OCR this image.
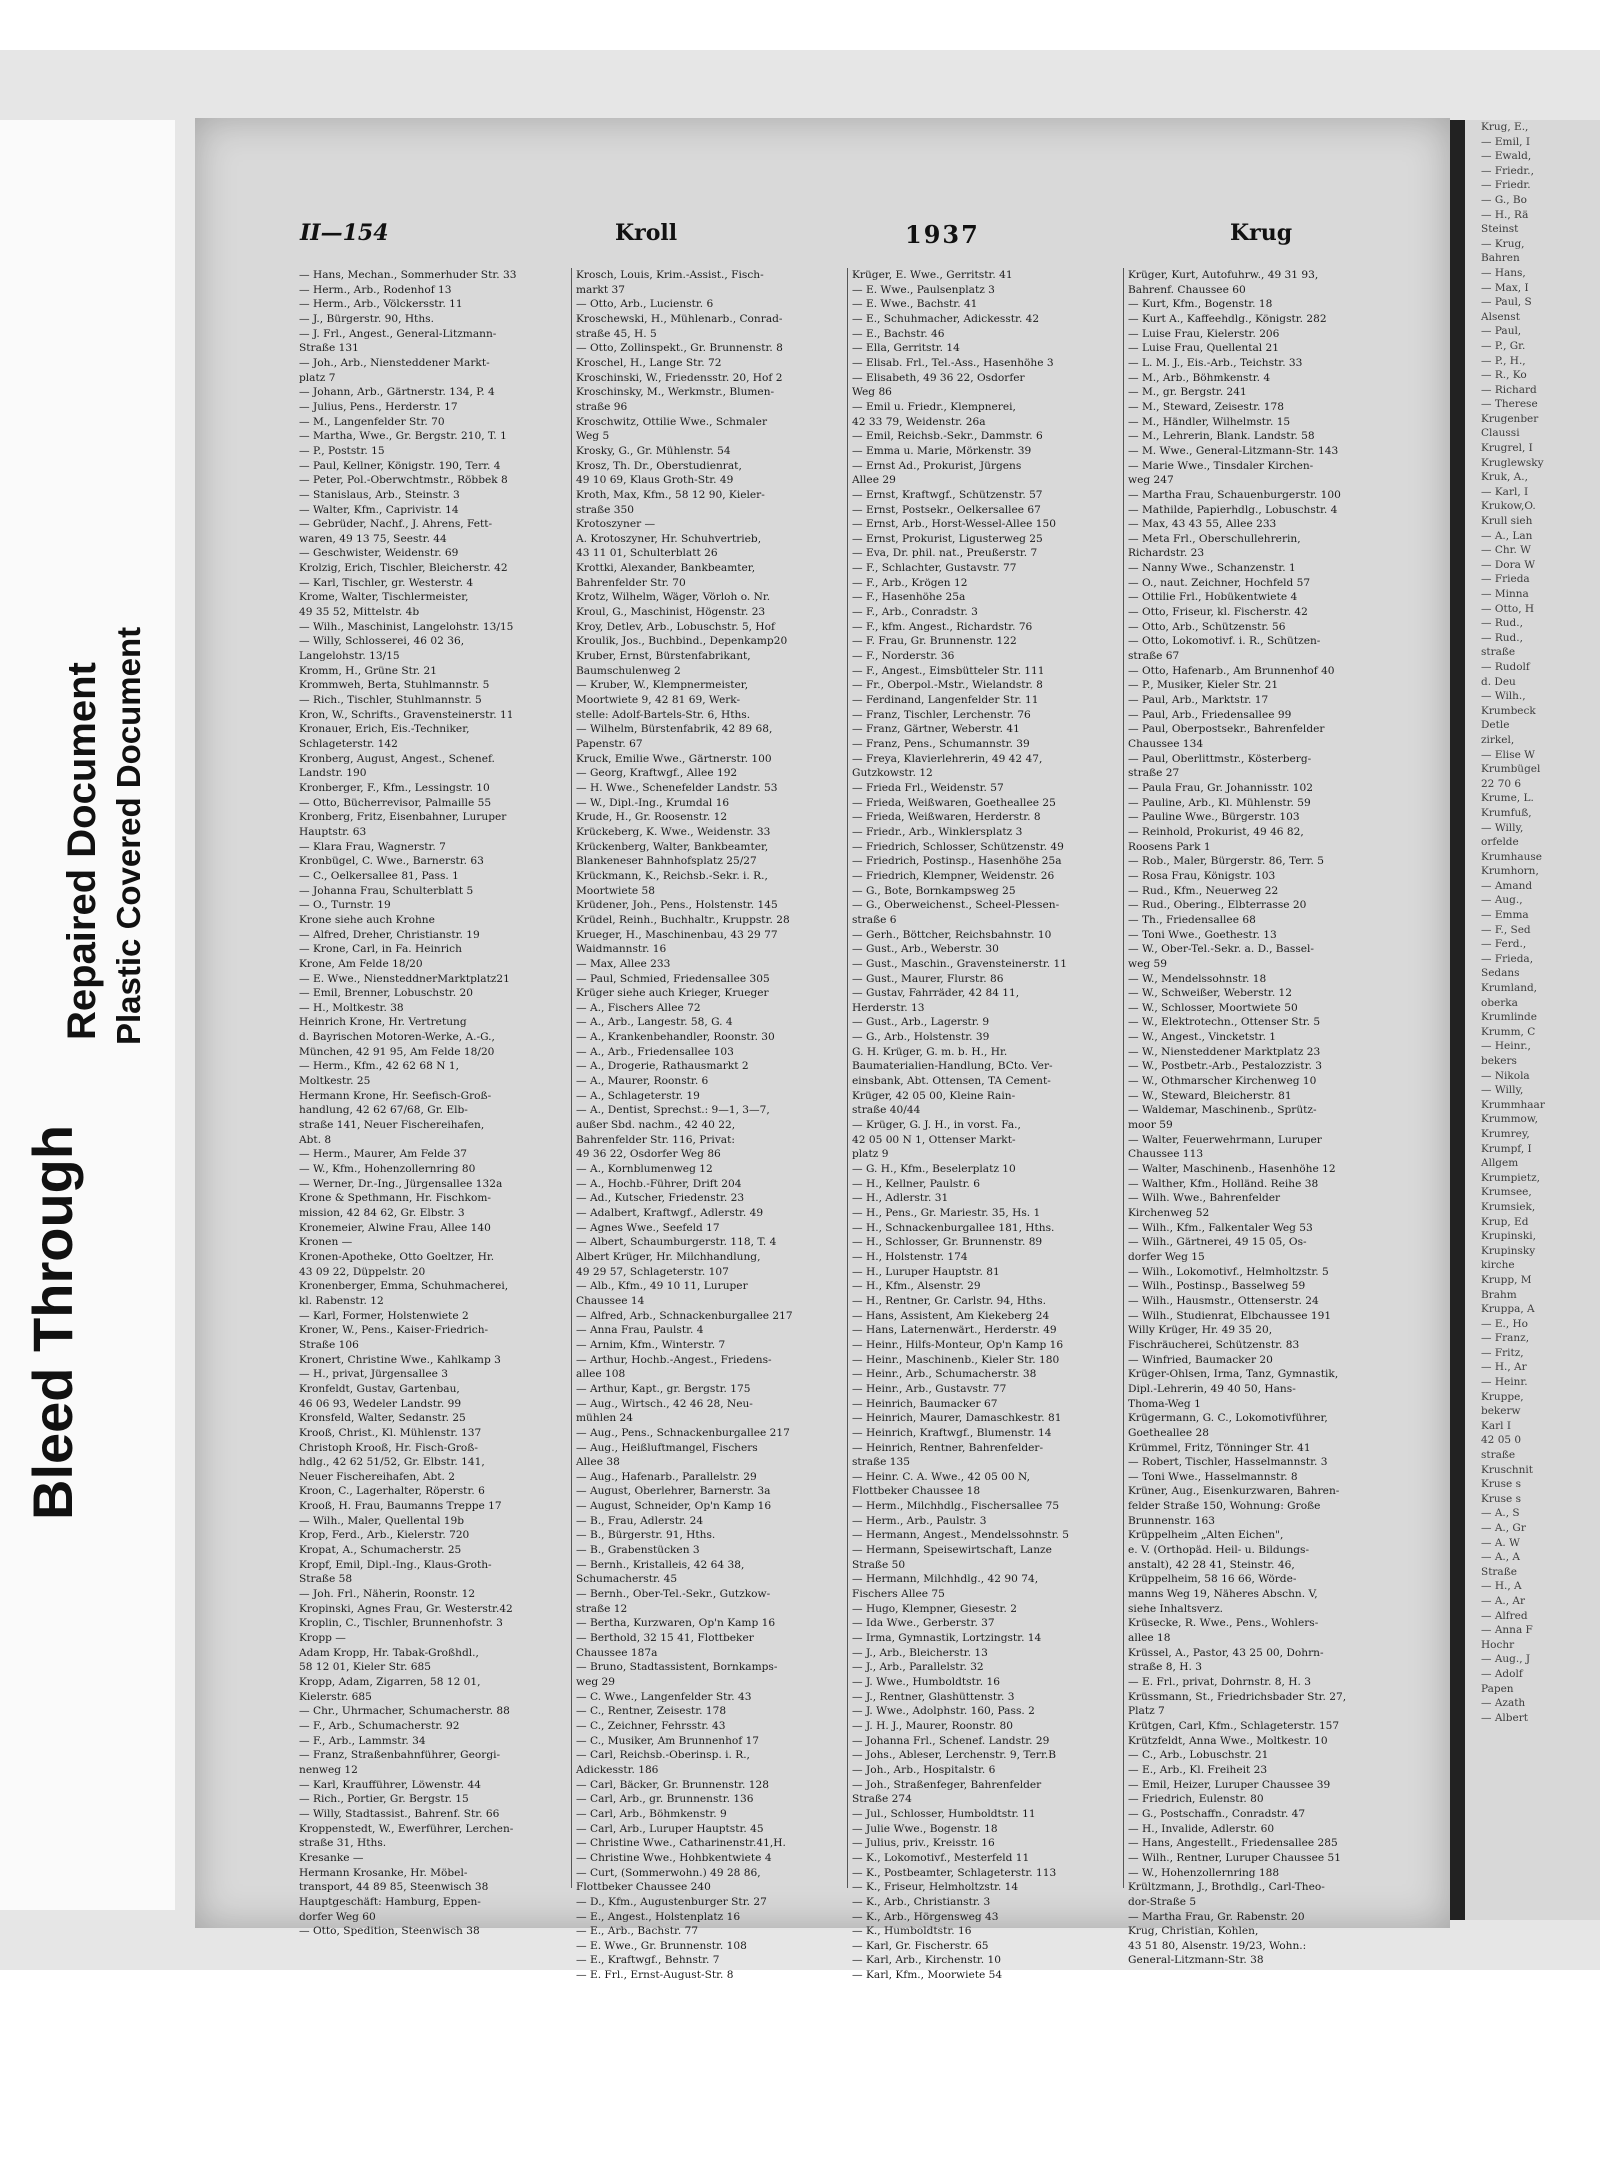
Bleed Through
Repaired Document Plastic Covered Document
II—154	Kroll	1937	Krug
— Hans, Mechan., Sommerhuder Str. 33
— Herm., Arb., Rodenhof 13
— Herm., Arb., Völckersstr. 11
— J., Bürgerstr. 90, Hths.
— J. Frl., Angest., General-Litzmann-
Straße 131
— Joh., Arb., Niensteddener Markt-
platz 7
— Johann, Arb., Gärtnerstr. 134, P. 4
— Julius, Pens., Herderstr. 17
— M., Langenfelder Str. 70
— Martha, Wwe., Gr. Bergstr. 210, T. 1
— P., Poststr. 15
— Paul, Kellner, Königstr. 190, Terr. 4
— Peter, Pol.-Oberwchtmstr., Röbbek 8
— Stanislaus, Arb., Steinstr. 3
— Walter, Kfm., Caprivistr. 14
— Gebrüder, Nachf., J. Ahrens, Fett-
waren, 49 13 75, Seestr. 44
— Geschwister, Weidenstr. 69
Krolzig, Erich, Tischler, Bleicherstr. 42
— Karl, Tischler, gr. Westerstr. 4
Krome, Walter, Tischlermeister,
49 35 52, Mittelstr. 4b
— Wilh., Maschinist, Langelohstr. 13/15
— Willy, Schlosserei, 46 02 36,
Langelohstr. 13/15
Kromm, H., Grüne Str. 21
Krommweh, Berta, Stuhlmannstr. 5
— Rich., Tischler, Stuhlmannstr. 5
Kron, W., Schrifts., Gravensteinerstr. 11
Kronauer, Erich, Eis.-Techniker,
Schlageterstr. 142
Kronberg, August, Angest., Schenef.
Landstr. 190
Kronberger, F., Kfm., Lessingstr. 10
— Otto, Bücherrevisor, Palmaille 55
Kronberg, Fritz, Eisenbahner, Luruper
Hauptstr. 63
— Klara Frau, Wagnerstr. 7
Kronbügel, C. Wwe., Barnerstr. 63
— C., Oelkersallee 81, Pass. 1
— Johanna Frau, Schulterblatt 5
— O., Turnstr. 19
Krone siehe auch Krohne
— Alfred, Dreher, Christianstr. 19
— Krone, Carl, in Fa. Heinrich
Krone, Am Felde 18/20
— E. Wwe., NiensteddnerMarktplatz21
— Emil, Brenner, Lobuschstr. 20
— H., Moltkestr. 38
Heinrich Krone, Hr. Vertretung
d. Bayrischen Motoren-Werke, A.-G.,
München, 42 91 95, Am Felde 18/20
— Herm., Kfm., 42 62 68 N 1,
Moltkestr. 25
Hermann Krone, Hr. Seefisch-Groß-
handlung, 42 62 67/68, Gr. Elb-
straße 141, Neuer Fischereihafen,
Abt. 8
— Herm., Maurer, Am Felde 37
— W., Kfm., Hohenzollernring 80
— Werner, Dr.-Ing., Jürgensallee 132a
Krone & Spethmann, Hr. Fischkom-
mission, 42 84 62, Gr. Elbstr. 3
Kronemeier, Alwine Frau, Allee 140
Kronen —
Kronen-Apotheke, Otto Goeltzer, Hr.
43 09 22, Düppelstr. 20
Kronenberger, Emma, Schuhmacherei,
kl. Rabenstr. 12
— Karl, Former, Holstenwiete 2
Kroner, W., Pens., Kaiser-Friedrich-
Straße 106
Kronert, Christine Wwe., Kahlkamp 3
— H., privat, Jürgensallee 3
Kronfeldt, Gustav, Gartenbau,
46 06 93, Wedeler Landstr. 99
Kronsfeld, Walter, Sedanstr. 25
Krooß, Christ., Kl. Mühlenstr. 137
Christoph Krooß, Hr. Fisch-Groß-
hdlg., 42 62 51/52, Gr. Elbstr. 141,
Neuer Fischereihafen, Abt. 2
Kroon, C., Lagerhalter, Röperstr. 6
Krooß, H. Frau, Baumanns Treppe 17
— Wilh., Maler, Quellental 19b
Krop, Ferd., Arb., Kielerstr. 720
Kropat, A., Schumacherstr. 25
Kropf, Emil, Dipl.-Ing., Klaus-Groth-
Straße 58
— Joh. Frl., Näherin, Roonstr. 12
Kropinski, Agnes Frau, Gr. Westerstr.42
Kroplin, C., Tischler, Brunnenhofstr. 3
Kropp —
Adam Kropp, Hr. Tabak-Großhdl.,
58 12 01, Kieler Str. 685
Kropp, Adam, Zigarren, 58 12 01,
Kielerstr. 685
— Chr., Uhrmacher, Schumacherstr. 88
— F., Arb., Schumacherstr. 92
— F., Arb., Lammstr. 34
— Franz, Straßenbahnführer, Georgi-
nenweg 12
— Karl, Kraufführer, Löwenstr. 44
— Rich., Portier, Gr. Bergstr. 15
— Willy, Stadtassist., Bahrenf. Str. 66
Kroppenstedt, W., Ewerführer, Lerchen-
straße 31, Hths.
Kresanke —
Hermann Krosanke, Hr. Möbel-
transport, 44 89 85, Steenwisch 38
Hauptgeschäft: Hamburg, Eppen-
dorfer Weg 60
— Otto, Spedition, Steenwisch 38
Krosch, Louis, Krim.-Assist., Fisch-
markt 37
— Otto, Arb., Lucienstr. 6
Kroschewski, H., Mühlenarb., Conrad-
straße 45, H. 5
— Otto, Zollinspekt., Gr. Brunnenstr. 8
Kroschel, H., Lange Str. 72
Kroschinski, W., Friedensstr. 20, Hof 2
Kroschinsky, M., Werkmstr., Blumen-
straße 96
Kroschwitz, Ottilie Wwe., Schmaler
Weg 5
Krosky, G., Gr. Mühlenstr. 54
Krosz, Th. Dr., Oberstudienrat,
49 10 69, Klaus Groth-Str. 49
Kroth, Max, Kfm., 58 12 90, Kieler-
straße 350
Krotoszyner —
A. Krotoszyner, Hr. Schuhvertrieb,
43 11 01, Schulterblatt 26
Krottki, Alexander, Bankbeamter,
Bahrenfelder Str. 70
Krotz, Wilhelm, Wäger, Vörloh o. Nr.
Kroul, G., Maschinist, Högenstr. 23
Kroy, Detlev, Arb., Lobuschstr. 5, Hof
Kroulik, Jos., Buchbind., Depenkamp20
Kruber, Ernst, Bürstenfabrikant,
Baumschulenweg 2
— Kruber, W., Klempnermeister,
Moortwiete 9, 42 81 69, Werk-
stelle: Adolf-Bartels-Str. 6, Hths.
— Wilhelm, Bürstenfabrik, 42 89 68,
Papenstr. 67
Kruck, Emilie Wwe., Gärtnerstr. 100
— Georg, Kraftwgf., Allee 192
— H. Wwe., Schenefelder Landstr. 53
— W., Dipl.-Ing., Krumdal 16
Krude, H., Gr. Roosenstr. 12
Krückeberg, K. Wwe., Weidenstr. 33
Krückenberg, Walter, Bankbeamter,
Blankeneser Bahnhofsplatz 25/27
Krückmann, K., Reichsb.-Sekr. i. R.,
Moortwiete 58
Krüdener, Joh., Pens., Holstenstr. 145
Krüdel, Reinh., Buchhaltr., Kruppstr. 28
Krueger, H., Maschinenbau, 43 29 77
Waidmannstr. 16
— Max, Allee 233
— Paul, Schmied, Friedensallee 305
Krüger siehe auch Krieger, Krueger
— A., Fischers Allee 72
— A., Arb., Langestr. 58, G. 4
— A., Krankenbehandler, Roonstr. 30
— A., Arb., Friedensallee 103
— A., Drogerie, Rathausmarkt 2
— A., Maurer, Roonstr. 6
— A., Schlageterstr. 19
— A., Dentist, Sprechst.: 9—1, 3—7,
außer Sbd. nachm., 42 40 22,
Bahrenfelder Str. 116, Privat:
49 36 22, Osdorfer Weg 86
— A., Kornblumenweg 12
— A., Hochb.-Führer, Drift 204
— Ad., Kutscher, Friedenstr. 23
— Adalbert, Kraftwgf., Adlerstr. 49
— Agnes Wwe., Seefeld 17
— Albert, Schaumburgerstr. 118, T. 4
Albert Krüger, Hr. Milchhandlung,
49 29 57, Schlageterstr. 107
— Alb., Kfm., 49 10 11, Luruper
Chaussee 14
— Alfred, Arb., Schnackenburgallee 217
— Anna Frau, Paulstr. 4
— Arnim, Kfm., Winterstr. 7
— Arthur, Hochb.-Angest., Friedens-
allee 108
— Arthur, Kapt., gr. Bergstr. 175
— Aug., Wirtsch., 42 46 28, Neu-
mühlen 24
— Aug., Pens., Schnackenburgallee 217
— Aug., Heißluftmangel, Fischers
Allee 38
— Aug., Hafenarb., Parallelstr. 29
— August, Oberlehrer, Barnerstr. 3a
— August, Schneider, Op'n Kamp 16
— B., Frau, Adlerstr. 24
— B., Bürgerstr. 91, Hths.
— B., Grabenstücken 3
— Bernh., Kristalleis, 42 64 38,
Schumacherstr. 45
— Bernh., Ober-Tel.-Sekr., Gutzkow-
straße 12
— Bertha, Kurzwaren, Op'n Kamp 16
— Berthold, 32 15 41, Flottbeker
Chaussee 187a
— Bruno, Stadtassistent, Bornkamps-
weg 29
— C. Wwe., Langenfelder Str. 43
— C., Rentner, Zeisestr. 178
— C., Zeichner, Fehrsstr. 43
— C., Musiker, Am Brunnenhof 17
— Carl, Reichsb.-Oberinsp. i. R.,
Adickesstr. 186
— Carl, Bäcker, Gr. Brunnenstr. 128
— Carl, Arb., gr. Brunnenstr. 136
— Carl, Arb., Böhmkenstr. 9
— Carl, Arb., Luruper Hauptstr. 45
— Christine Wwe., Catharinenstr.41,H.
— Christine Wwe., Hohbkentwiete 4
— Curt, (Sommerwohn.) 49 28 86,
Flottbeker Chaussee 240
— D., Kfm., Augustenburger Str. 27
— E., Angest., Holstenplatz 16
— E., Arb., Bachstr. 77
— E. Wwe., Gr. Brunnenstr. 108
— E., Kraftwgf., Behnstr. 7
— E. Frl., Ernst-August-Str. 8
Krüger, E. Wwe., Gerritstr. 41
— E. Wwe., Paulsenplatz 3
— E. Wwe., Bachstr. 41
— E., Schuhmacher, Adickesstr. 42
— E., Bachstr. 46
— Ella, Gerritstr. 14
— Elisab. Frl., Tel.-Ass., Hasenhöhe 3
— Elisabeth, 49 36 22, Osdorfer
Weg 86
— Emil u. Friedr., Klempnerei,
42 33 79, Weidenstr. 26a
— Emil, Reichsb.-Sekr., Dammstr. 6
— Emma u. Marie, Mörkenstr. 39
— Ernst Ad., Prokurist, Jürgens
Allee 29
— Ernst, Kraftwgf., Schützenstr. 57
— Ernst, Postsekr., Oelkersallee 67
— Ernst, Arb., Horst-Wessel-Allee 150
— Ernst, Prokurist, Ligusterweg 25
— Eva, Dr. phil. nat., Preußerstr. 7
— F., Schlachter, Gustavstr. 77
— F., Arb., Krögen 12
— F., Hasenhöhe 25a
— F., Arb., Conradstr. 3
— F., kfm. Angest., Richardstr. 76
— F. Frau, Gr. Brunnenstr. 122
— F., Norderstr. 36
— F., Angest., Eimsbütteler Str. 111
— Fr., Oberpol.-Mstr., Wielandstr. 8
— Ferdinand, Langenfelder Str. 11
— Franz, Tischler, Lerchenstr. 76
— Franz, Gärtner, Weberstr. 41
— Franz, Pens., Schumannstr. 39
— Freya, Klavierlehrerin, 49 42 47,
Gutzkowstr. 12
— Frieda Frl., Weidenstr. 57
— Frieda, Weißwaren, Goetheallee 25
— Frieda, Weißwaren, Herderstr. 8
— Friedr., Arb., Winklersplatz 3
— Friedrich, Schlosser, Schützenstr. 49
— Friedrich, Postinsp., Hasenhöhe 25a
— Friedrich, Klempner, Weidenstr. 26
— G., Bote, Bornkampsweg 25
— G., Oberweichenst., Scheel-Plessen-
straße 6
— Gerh., Böttcher, Reichsbahnstr. 10
— Gust., Arb., Weberstr. 30
— Gust., Maschin., Gravensteinerstr. 11
— Gust., Maurer, Flurstr. 86
— Gustav, Fahrräder, 42 84 11,
Herderstr. 13
— Gust., Arb., Lagerstr. 9
— G., Arb., Holstenstr. 39
G. H. Krüger, G. m. b. H., Hr.
Baumaterialien-Handlung, BCto. Ver-
einsbank, Abt. Ottensen, TA Cement-
Krüger, 42 05 00, Kleine Rain-
straße 40/44
— Krüger, G. J. H., in vorst. Fa.,
42 05 00 N 1, Ottenser Markt-
platz 9
— G. H., Kfm., Beselerplatz 10
— H., Kellner, Paulstr. 6
— H., Adlerstr. 31
— H., Pens., Gr. Mariestr. 35, Hs. 1
— H., Schnackenburgallee 181, Hths.
— H., Schlosser, Gr. Brunnenstr. 89
— H., Holstenstr. 174
— H., Luruper Hauptstr. 81
— H., Kfm., Alsenstr. 29
— H., Rentner, Gr. Carlstr. 94, Hths.
— Hans, Assistent, Am Kiekeberg 24
— Hans, Laternenwärt., Herderstr. 49
— Heinr., Hilfs-Monteur, Op'n Kamp 16
— Heinr., Maschinenb., Kieler Str. 180
— Heinr., Arb., Schumacherstr. 38
— Heinr., Arb., Gustavstr. 77
— Heinrich, Baumacker 67
— Heinrich, Maurer, Damaschkestr. 81
— Heinrich, Kraftwgf., Blumenstr. 14
— Heinrich, Rentner, Bahrenfelder-
straße 135
— Heinr. C. A. Wwe., 42 05 00 N,
Flottbeker Chaussee 18
— Herm., Milchhdlg., Fischersallee 75
— Herm., Arb., Paulstr. 3
— Hermann, Angest., Mendelssohnstr. 5
— Hermann, Speisewirtschaft, Lanze
Straße 50
— Hermann, Milchhdlg., 42 90 74,
Fischers Allee 75
— Hugo, Klempner, Giesestr. 2
— Ida Wwe., Gerberstr. 37
— Irma, Gymnastik, Lortzingstr. 14
— J., Arb., Bleicherstr. 13
— J., Arb., Parallelstr. 32
— J. Wwe., Humboldtstr. 16
— J., Rentner, Glashüttenstr. 3
— J. Wwe., Adolphstr. 160, Pass. 2
— J. H. J., Maurer, Roonstr. 80
— Johanna Frl., Schenef. Landstr. 29
— Johs., Ableser, Lerchenstr. 9, Terr.B
— Joh., Arb., Hospitalstr. 6
— Joh., Straßenfeger, Bahrenfelder
Straße 274
— Jul., Schlosser, Humboldtstr. 11
— Julie Wwe., Bogenstr. 18
— Julius, priv., Kreisstr. 16
— K., Lokomotivf., Mesterfeld 11
— K., Postbeamter, Schlageterstr. 113
— K., Friseur, Helmholtzstr. 14
— K., Arb., Christianstr. 3
— K., Arb., Hörgensweg 43
— K., Humboldtstr. 16
— Karl, Gr. Fischerstr. 65
— Karl, Arb., Kirchenstr. 10
— Karl, Kfm., Moorwiete 54
Krüger, Kurt, Autofuhrw., 49 31 93,
Bahrenf. Chaussee 60
— Kurt, Kfm., Bogenstr. 18
— Kurt A., Kaffeehdlg., Königstr. 282
— Luise Frau, Kielerstr. 206
— Luise Frau, Quellental 21
— L. M. J., Eis.-Arb., Teichstr. 33
— M., Arb., Böhmkenstr. 4
— M., gr. Bergstr. 241
— M., Steward, Zeisestr. 178
— M., Händler, Wilhelmstr. 15
— M., Lehrerin, Blank. Landstr. 58
— M. Wwe., General-Litzmann-Str. 143
— Marie Wwe., Tinsdaler Kirchen-
weg 247
— Martha Frau, Schauenburgerstr. 100
— Mathilde, Papierhdlg., Lobuschstr. 4
— Max, 43 43 55, Allee 233
— Meta Frl., Oberschullehrerin,
Richardstr. 23
— Nanny Wwe., Schanzenstr. 1
— O., naut. Zeichner, Hochfeld 57
— Ottilie Frl., Hobükentwiete 4
— Otto, Friseur, kl. Fischerstr. 42
— Otto, Arb., Schützenstr. 56
— Otto, Lokomotivf. i. R., Schützen-
straße 67
— Otto, Hafenarb., Am Brunnenhof 40
— P., Musiker, Kieler Str. 21
— Paul, Arb., Marktstr. 17
— Paul, Arb., Friedensallee 99
— Paul, Oberpostsekr., Bahrenfelder
Chaussee 134
— Paul, Oberlittmstr., Kösterberg-
straße 27
— Paula Frau, Gr. Johannisstr. 102
— Pauline, Arb., Kl. Mühlenstr. 59
— Pauline Wwe., Bürgerstr. 103
— Reinhold, Prokurist, 49 46 82,
Roosens Park 1
— Rob., Maler, Bürgerstr. 86, Terr. 5
— Rosa Frau, Königstr. 103
— Rud., Kfm., Neuerweg 22
— Rud., Obering., Elbterrasse 20
— Th., Friedensallee 68
— Toni Wwe., Goethestr. 13
— W., Ober-Tel.-Sekr. a. D., Bassel-
weg 59
— W., Mendelssohnstr. 18
— W., Schweißer, Weberstr. 12
— W., Schlosser, Moortwiete 50
— W., Elektrotechn., Ottenser Str. 5
— W., Angest., Vincketstr. 1
— W., Niensteddener Marktplatz 23
— W., Postbetr.-Arb., Pestalozzistr. 3
— W., Othmarscher Kirchenweg 10
— W., Steward, Bleicherstr. 81
— Waldemar, Maschinenb., Sprütz-
moor 59
— Walter, Feuerwehrmann, Luruper
Chaussee 113
— Walter, Maschinenb., Hasenhöhe 12
— Walther, Kfm., Holländ. Reihe 38
— Wilh. Wwe., Bahrenfelder
Kirchenweg 52
— Wilh., Kfm., Falkentaler Weg 53
— Wilh., Gärtnerei, 49 15 05, Os-
dorfer Weg 15
— Wilh., Lokomotivf., Helmholtzstr. 5
— Wilh., Postinsp., Basselweg 59
— Wilh., Hausmstr., Ottenserstr. 24
— Wilh., Studienrat, Elbchaussee 191
Willy Krüger, Hr. 49 35 20,
Fischräucherei, Schützenstr. 83
— Winfried, Baumacker 20
Krüger-Ohlsen, Irma, Tanz, Gymnastik,
Dipl.-Lehrerin, 49 40 50, Hans-
Thoma-Weg 1
Krügermann, G. C., Lokomotivführer,
Goetheallee 28
Krümmel, Fritz, Tönninger Str. 41
— Robert, Tischler, Hasselmannstr. 3
— Toni Wwe., Hasselmannstr. 8
Krüner, Aug., Eisenkurzwaren, Bahren-
felder Straße 150, Wohnung: Große
Brunnenstr. 163
Krüppelheim „Alten Eichen",
e. V. (Orthopäd. Heil- u. Bildungs-
anstalt), 42 28 41, Steinstr. 46,
Krüppelheim, 58 16 66, Wörde-
manns Weg 19, Näheres Abschn. V,
siehe Inhaltsverz.
Krüsecke, R. Wwe., Pens., Wohlers-
allee 18
Krüssel, A., Pastor, 43 25 00, Dohrn-
straße 8, H. 3
— E. Frl., privat, Dohrnstr. 8, H. 3
Krüssmann, St., Friedrichsbader Str. 27,
Platz 7
Krütgen, Carl, Kfm., Schlageterstr. 157
Krützfeldt, Anna Wwe., Moltkestr. 10
— C., Arb., Lobuschstr. 21
— E., Arb., Kl. Freiheit 23
— Emil, Heizer, Luruper Chaussee 39
— Friedrich, Eulenstr. 80
— G., Postschaffn., Conradstr. 47
— H., Invalide, Adlerstr. 60
— Hans, Angestellt., Friedensallee 285
— Wilh., Rentner, Luruper Chaussee 51
— W., Hohenzollernring 188
Krültzmann, J., Brothdlg., Carl-Theo-
dor-Straße 5
— Martha Frau, Gr. Rabenstr. 20
Krug, Christian, Kohlen,
43 51 80, Alsenstr. 19/23, Wohn.:
General-Litzmann-Str. 38
Krug, E.,
— Emil, I
— Ewald,
— Friedr.,
— Friedr.
— G., Bo
— H., Rä
Steinst
— Krug,
Bahren
— Hans,
— Max, I
— Paul, S
Alsenst
— Paul,
— P., Gr.
— P., H.,
— R., Ko
— Richard
— Therese
Krugenber
Claussi
Krugrel, I
Kruglewsky
Kruk, A.,
— Karl, I
Krukow,O.
Krull sieh
— A., Lan
— Chr. W
— Dora W
— Frieda
— Minna
— Otto, H
— Rud.,
— Rud.,
straße
— Rudolf
d. Deu
— Wilh.,
Krumbeck
Detle
zirkel,
— Elise W
Krumbügel
22 70 6
Krume, L.
Krumfuß,
— Willy,
orfelde
Krumhause
Krumhorn,
— Amand
— Aug.,
— Emma
— F., Sed
— Ferd.,
— Frieda,
Sedans
Krumland,
oberka
Krumlinde
Krumm, C
— Heinr.,
bekers
— Nikola
— Willy,
Krummhaar
Krummow,
Krumrey,
Krumpf, I
Allgem
Krumpietz,
Krumsee,
Krumsiek,
Krup, Ed
Krupinski,
Krupinsky
kirche
Krupp, M
Brahm
Kruppa, A
— E., Ho
— Franz,
— Fritz,
— H., Ar
— Heinr.
Kruppe,
bekerw
Karl I
42 05 0
straße
Kruschnit
Kruse s
Kruse s
— A., S
— A., Gr
— A. W
— A., A
Straße
— H., A
— A., Ar
— Alfred
— Anna F
Hochr
— Aug., J
— Adolf
Papen
— Azath
— Albert
